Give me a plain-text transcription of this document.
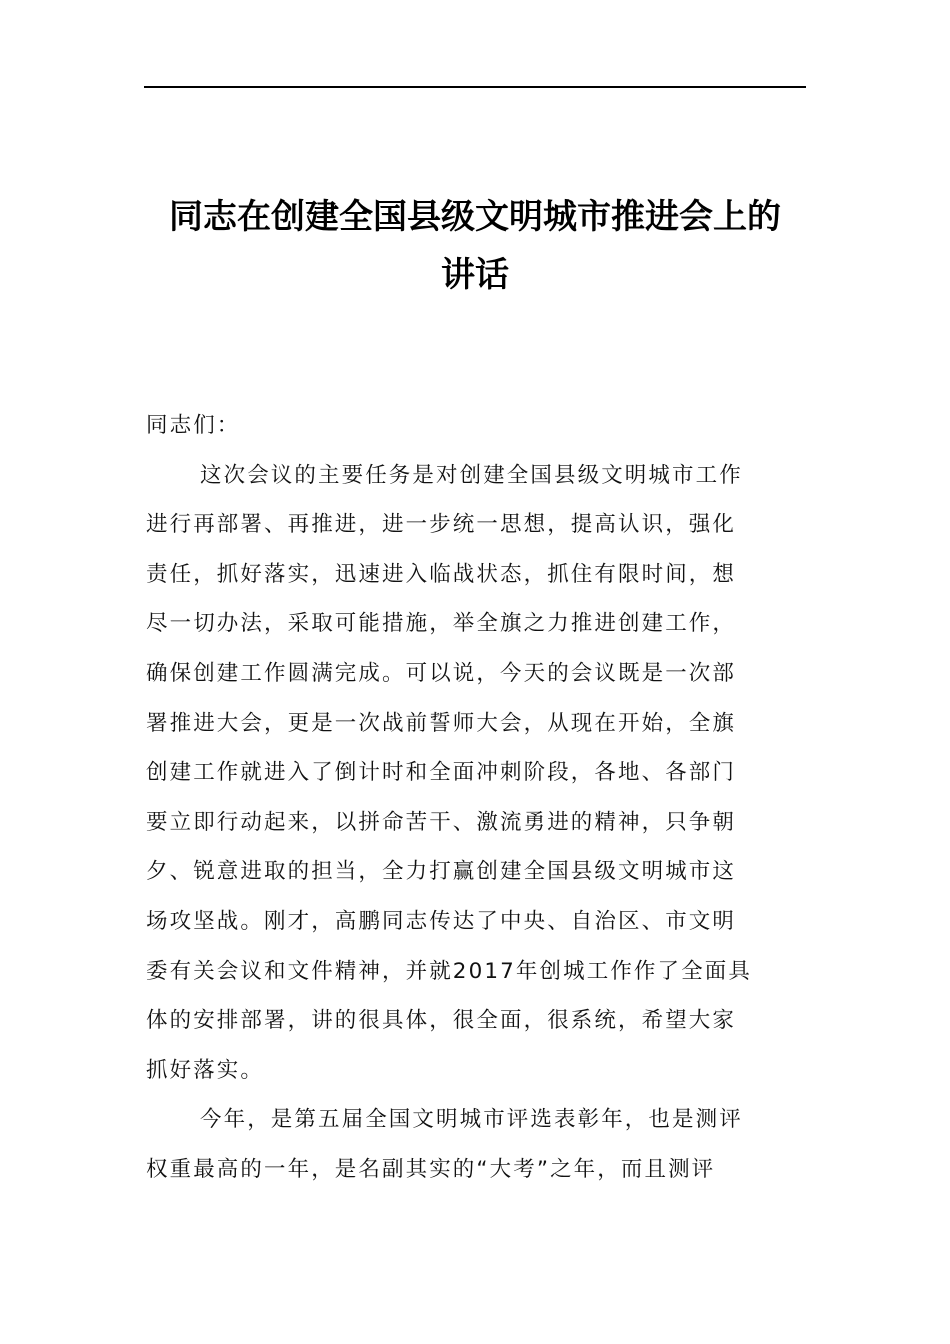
同志在创建全国县级文明城市推进会上的
讲话
同志们：
这次会议的主要任务是对创建全国县级文明城市工作
进行再部署、再推进，进一步统一思想，提高认识，强化
责任，抓好落实，迅速进入临战状态，抓住有限时间，想
尽一切办法，采取可能措施，举全旗之力推进创建工作，
确保创建工作圆满完成。可以说，今天的会议既是一次部
署推进大会，更是一次战前誓师大会，从现在开始，全旗
创建工作就进入了倒计时和全面冲刺阶段，各地、各部门
要立即行动起来，以拼命苦干、激流勇进的精神，只争朝
夕、锐意进取的担当，全力打赢创建全国县级文明城市这
场攻坚战。刚才，高鹏同志传达了中央、自治区、市文明
委有关会议和文件精神，并就2017年创城工作作了全面具
体的安排部署，讲的很具体，很全面，很系统，希望大家
抓好落实。
今年，是第五届全国文明城市评选表彰年，也是测评
权重最高的一年，是名副其实的“大考”之年，而且测评
